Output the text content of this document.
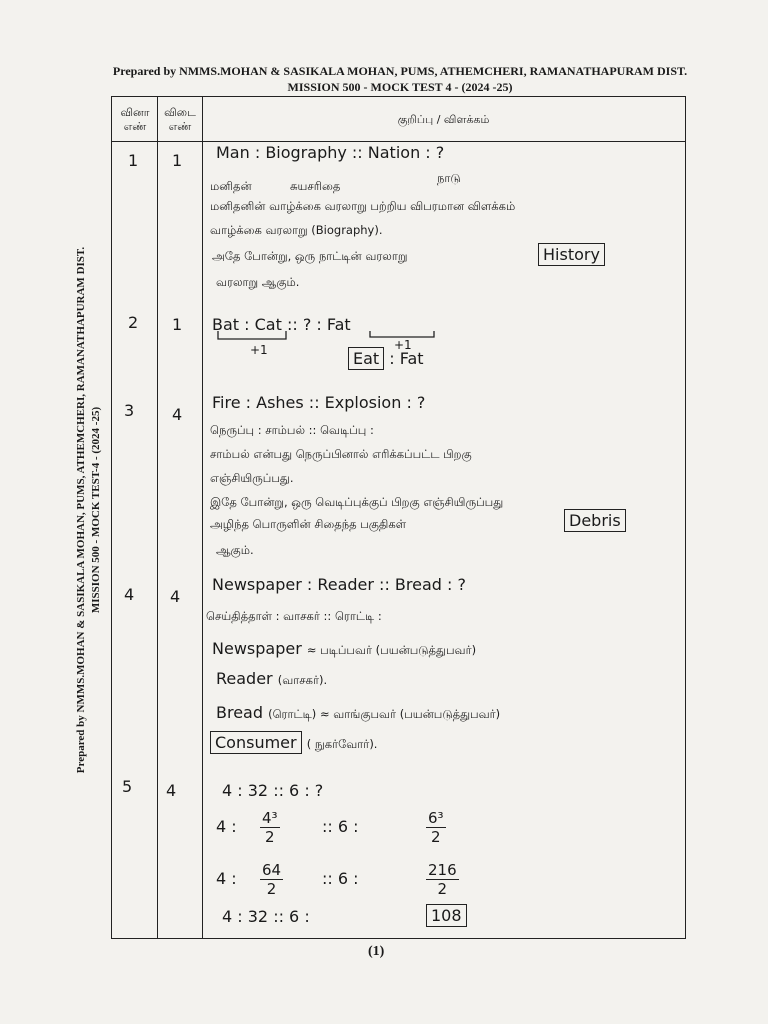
Prepared by NMMS.MOHAN & SASIKALA MOHAN, PUMS, ATHEMCHERI, RAMANATHAPURAM DIST.
MISSION 500 - MOCK TEST 4 - (2024 -25)
Prepared by NMMS.MOHAN & SASIKALA MOHAN, PUMS, ATHEMCHERI, RAMANATHAPURAM DIST. MISSION 500 - MOCK TEST-4 - (2024 -25)
வினா எண்
விடை எண்
குறிப்பு / விளக்கம்
1 1 Man : Biography :: Nation : ?
மனிதன்	சுயசரிதை
நாடு
மனிதனின் வாழ்க்கை வரலாறு பற்றிய விபரமான விளக்கம்
வாழ்க்கை வரலாறு (Biography).
அதே போன்று, ஒரு நாட்டின் வரலாறு	History
வரலாறு ஆகும்.
2 1 Bat : Cat :: ? : Fat
+1	+1
Eat : Fat
3 4
Fire : Ashes :: Explosion : ?
நெருப்பு : சாம்பல் :: வெடிப்பு :
சாம்பல் என்பது நெருப்பினால் எரிக்கப்பட்ட பிறகு
எஞ்சியிருப்பது.
இதே போன்று, ஒரு வெடிப்புக்குப் பிறகு எஞ்சியிருப்பது
அழிந்த பொருளின் சிதைந்த பகுதிகள்	Debris
ஆகும்.
4 4
Newspaper : Reader :: Bread : ?
செய்தித்தாள் : வாசகர் :: ரொட்டி :
Newspaper ≈ படிப்பவர் (பயன்படுத்துபவர்)
Reader (வாசகர்).
Bread (ரொட்டி) ≈ வாங்குபவர் (பயன்படுத்துபவர்)
Consumer ( நுகர்வோர்).
5 4	4 : 32 :: 6 : ?
4 : $\frac{\text{4³}}{2}$	:: 6 :	$\frac{\text{6³}}{2}$
4 : $\frac{64}{2}$ :: 6 :	$\frac{216}{2}$
4 : 32 :: 6 :	108
(1)
